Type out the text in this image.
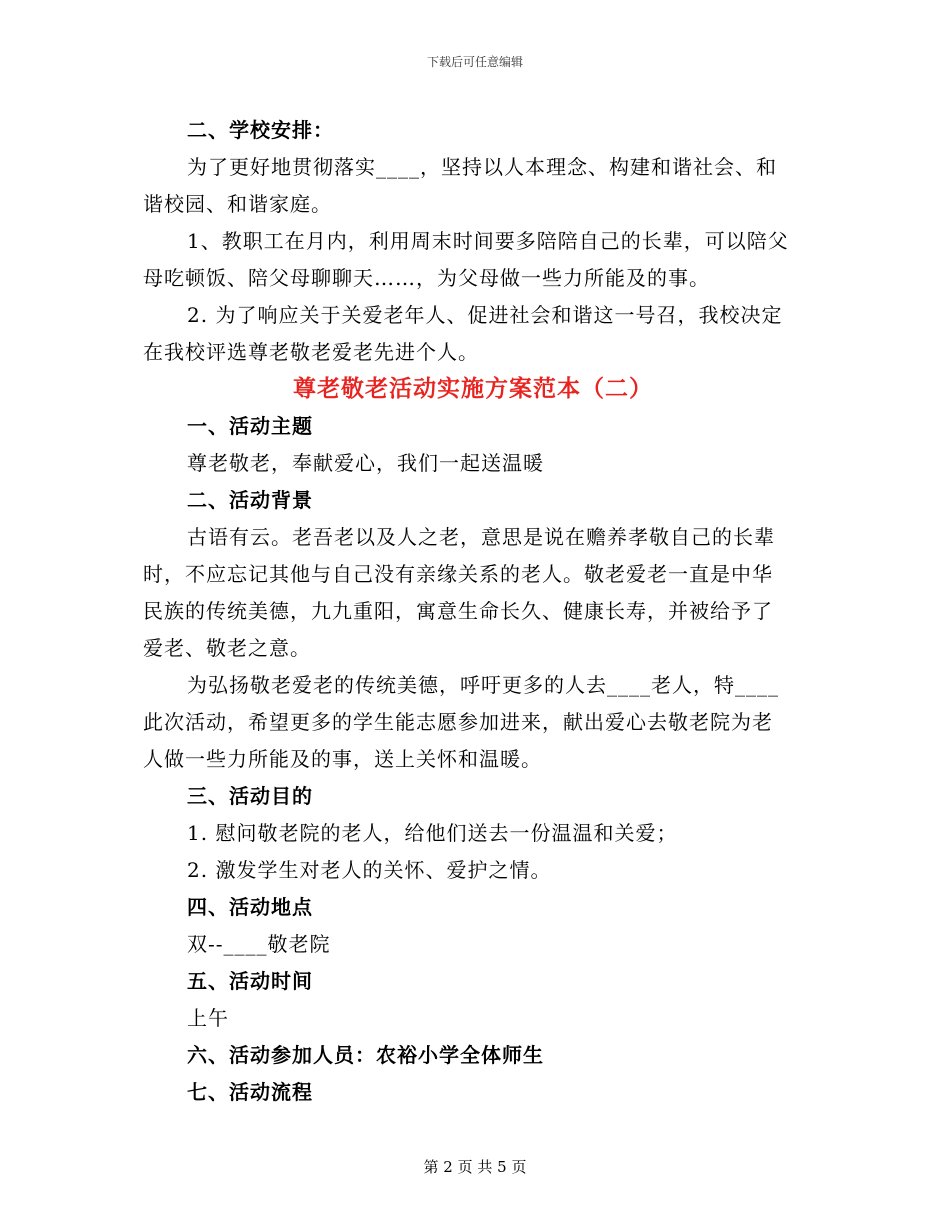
下载后可任意编辑
二、学校安排：
为了更好地贯彻落实____，坚持以人本理念、构建和谐社会、和
谐校园、和谐家庭。
1、教职工在月内，利用周末时间要多陪陪自己的长辈，可以陪父
母吃顿饭、陪父母聊聊天……，为父母做一些力所能及的事。
2. 为了响应关于关爱老年人、促进社会和谐这一号召，我校决定
在我校评选尊老敬老爱老先进个人。
尊老敬老活动实施方案范本（二）
一、活动主题
尊老敬老，奉献爱心，我们一起送温暖
二、活动背景
古语有云。老吾老以及人之老，意思是说在赡养孝敬自己的长辈
时，不应忘记其他与自己没有亲缘关系的老人。敬老爱老一直是中华
民族的传统美德，九九重阳，寓意生命长久、健康长寿，并被给予了
爱老、敬老之意。
为弘扬敬老爱老的传统美德，呼吁更多的人去____老人，特____
此次活动，希望更多的学生能志愿参加进来，献出爱心去敬老院为老
人做一些力所能及的事，送上关怀和温暖。
三、活动目的
1. 慰问敬老院的老人，给他们送去一份温温和关爱；
2. 激发学生对老人的关怀、爱护之情。
四、活动地点
双--____敬老院
五、活动时间
上午
六、活动参加人员：农裕小学全体师生
七、活动流程
第 2 页 共 5 页
